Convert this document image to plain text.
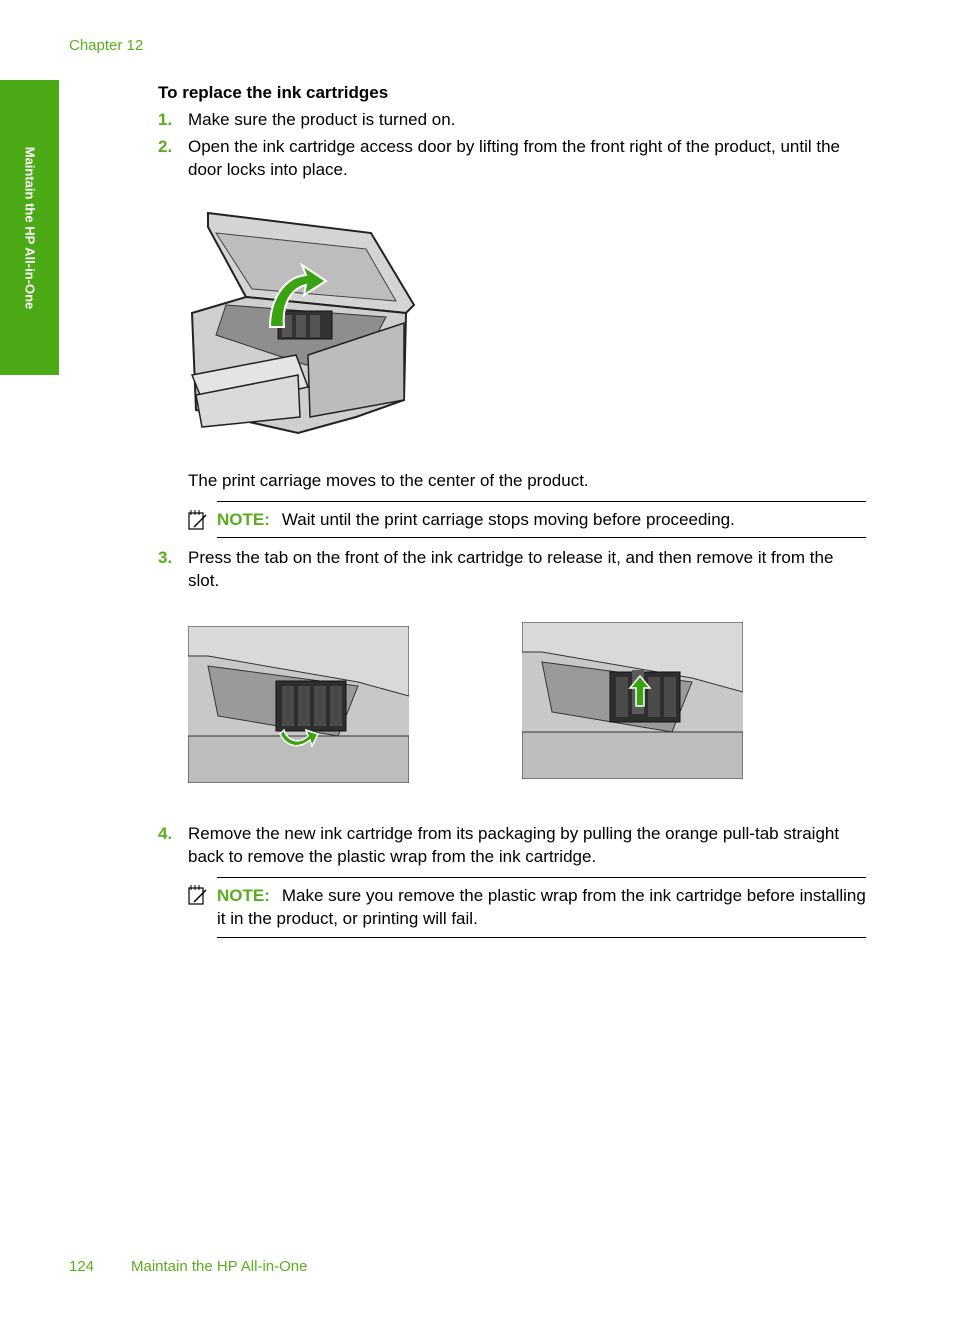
Chapter 12
Maintain the HP All-in-One
To replace the ink cartridges
1. Make sure the product is turned on.
2. Open the ink cartridge access door by lifting from the front right of the product, until the door locks into place.
The print carriage moves to the center of the product.
NOTE: Wait until the print carriage stops moving before proceeding.
3. Press the tab on the front of the ink cartridge to release it, and then remove it from the slot.
4. Remove the new ink cartridge from its packaging by pulling the orange pull-tab straight back to remove the plastic wrap from the ink cartridge.
NOTE: Make sure you remove the plastic wrap from the ink cartridge before installing it in the product, or printing will fail.
124 Maintain the HP All-in-One
